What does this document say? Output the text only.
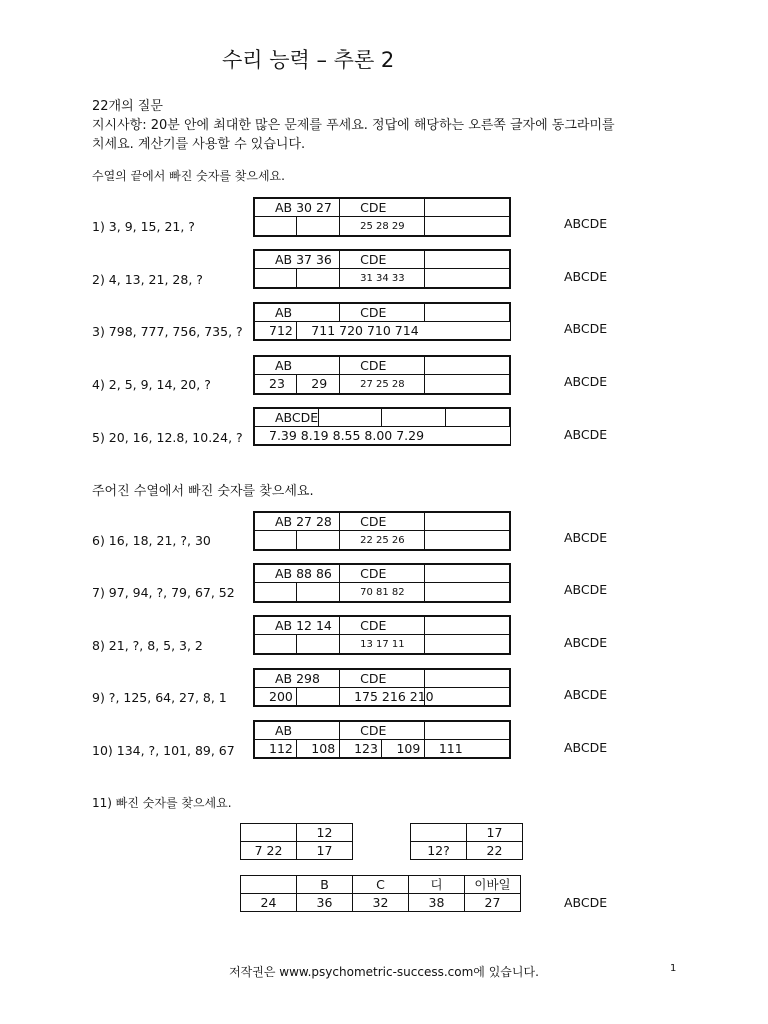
수리 능력 – 추론 2
22개의 질문
지시사항: 20분 안에 최대한 많은 문제를 푸세요. 정답에 해당하는 오른쪽 글자에 동그라미를
치세요. 계산기를 사용할 수 있습니다.
수열의 끝에서 빠진 숫자를 찾으세요.
AB 30 27		CDE	
		25 28 29	
1) 3, 9, 15, 21, ?	ABCDE
AB 37 36		CDE	
		31 34 33	
2) 4, 13, 21, 28, ?	ABCDE
AB		CDE	
712	711 720 710 714		
3) 798, 777, 756, 735, ?	ABCDE
AB		CDE	
23	29	27 25 28	
4) 2, 5, 9, 14, 20, ?	ABCDE
ABCDE			
7.39 8.19 8.55 8.00 7.29
5) 20, 16, 12.8, 10.24, ?	ABCDE
주어진 수열에서 빠진 숫자를 찾으세요.
AB 27 28		CDE	
		22 25 26	
6) 16, 18, 21, ?, 30	ABCDE
AB 88 86		CDE	
		70 81 82	
7) 97, 94, ?, 79, 67, 52	ABCDE
AB 12 14		CDE	
		13 17 11	
8) 21, ?, 8, 5, 3, 2	ABCDE
AB 298		CDE	
200		175 216 210	
9) ?, 125, 64, 27, 8, 1	ABCDE
AB		CDE		
112	108	123	109	111
10) 134, ?, 101, 89, 67	ABCDE
11) 빠진 숫자를 찾으세요.
	12
7 22	17
	17
12?	22
	B	C	디	이바일
24	36	32	38	27	ABCDE
저작권은 www.psychometric-success.com에 있습니다.	1
